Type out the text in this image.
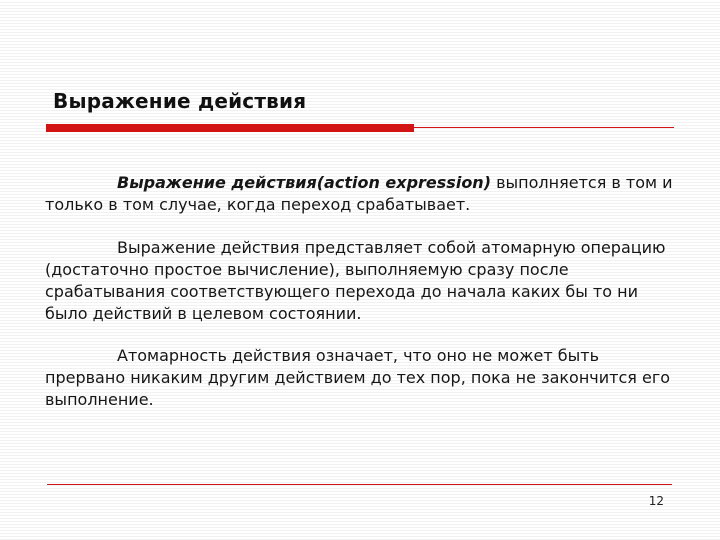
Выражение действия
Выражение действия(action expression) выполняется в том и только в том случае, когда переход срабатывает.
Выражение действия представляет собой атомарную операцию (достаточно простое вычисление), выполняемую сразу после срабатывания соответствующего перехода до начала каких бы то ни было действий в целевом состоянии.
Атомарность действия означает, что оно не может быть прервано никаким другим действием до тех пор, пока не закончится его выполнение.
12
